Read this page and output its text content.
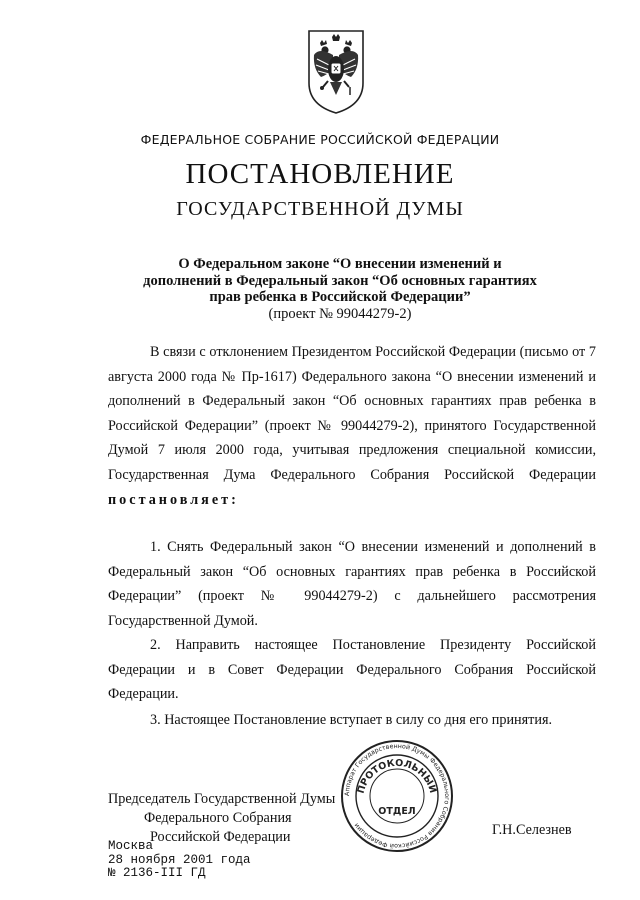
ФЕДЕРАЛЬНОЕ СОБРАНИЕ РОССИЙСКОЙ ФЕДЕРАЦИИ
ПОСТАНОВЛЕНИЕ
ГОСУДАРСТВЕННОЙ ДУМЫ
О Федеральном законе “О внесении изменений и дополнений в Федеральный закон “Об основных гарантиях прав ребенка в Российской Федерации”
(проект № 99044279-2)

В связи с отклонением Президентом Российской Федерации (письмо от 7 августа 2000 года № Пр-1617) Федерального закона “О внесении изменений и дополнений в Федеральный закон “Об основных гарантиях прав ребенка в Российской Федерации” (проект № 99044279-2), принятого Государственной Думой 7 июля 2000 года, учитывая предложения специальной комиссии, Государственная Дума Федерального Собрания Российской Федерации постановляет:

1. Снять Федеральный закон “О внесении изменений и дополнений в Федеральный закон “Об основных гарантиях прав ребенка в Российской Федерации” (проект № 99044279-2) с дальнейшего рассмотрения Государственной Думой.

2. Направить настоящее Постановление Президенту Российской Федерации и в Совет Федерации Федерального Собрания Российской Федерации.

3. Настоящее Постановление вступает в силу со дня его принятия.

Председатель Государственной Думы
Федерального Собрания
Российской Федерации	Г.Н.Селезнев
Москва
28 ноября 2001 года
№ 2136-III ГД
Аппарат Государственной Думы Федерального Собрания Российской Федерации
ПРОТОКОЛЬНЫЙ
ОТДЕЛ
